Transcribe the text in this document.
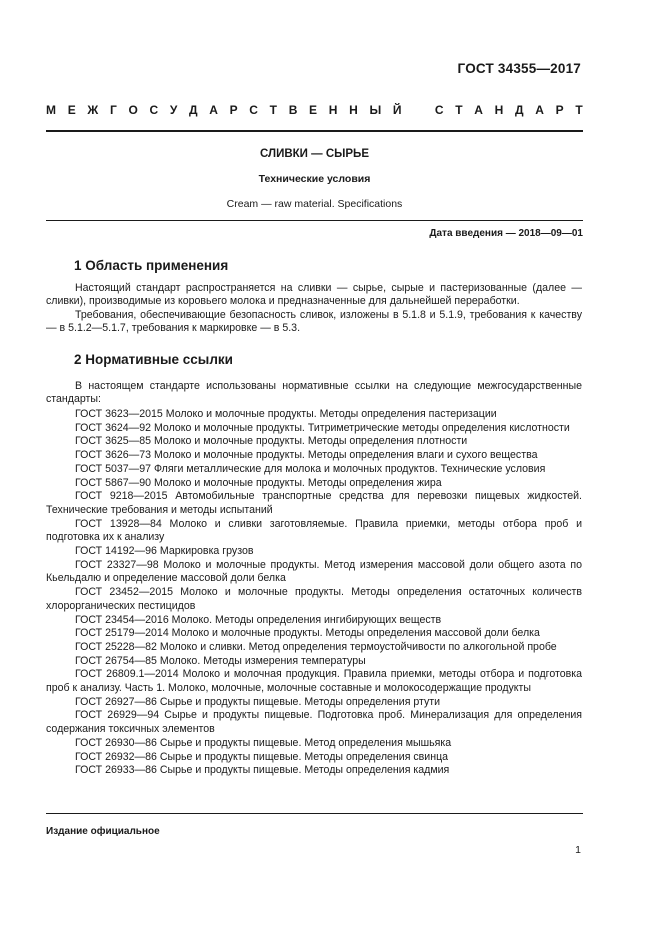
ГОСТ 34355—2017
М Е Ж Г О С У Д А Р С Т В Е Н Н Ы Й	С Т А Н Д А Р Т
СЛИВКИ — СЫРЬЕ
Технические условия
Cream — raw material. Specifications
Дата введения — 2018—09—01
1 Область применения
Настоящий стандарт распространяется на сливки — сырье, сырые и пастеризованные (далее — сливки), производимые из коровьего молока и предназначенные для дальнейшей переработки.
Требования, обеспечивающие безопасность сливок, изложены в 5.1.8 и 5.1.9, требования к качеству — в 5.1.2—5.1.7, требования к маркировке — в 5.3.
2 Нормативные ссылки
В настоящем стандарте использованы нормативные ссылки на следующие межгосударственные стандарты:
ГОСТ 3623—2015 Молоко и молочные продукты. Методы определения пастеризации
ГОСТ 3624—92 Молоко и молочные продукты. Титриметрические методы определения кислотности
ГОСТ 3625—85 Молоко и молочные продукты. Методы определения плотности
ГОСТ 3626—73 Молоко и молочные продукты. Методы определения влаги и сухого вещества
ГОСТ 5037—97 Фляги металлические для молока и молочных продуктов. Технические условия
ГОСТ 5867—90 Молоко и молочные продукты. Методы определения жира
ГОСТ 9218—2015 Автомобильные транспортные средства для перевозки пищевых жидкостей. Технические требования и методы испытаний
ГОСТ 13928—84 Молоко и сливки заготовляемые. Правила приемки, методы отбора проб и подготовка их к анализу
ГОСТ 14192—96 Маркировка грузов
ГОСТ 23327—98 Молоко и молочные продукты. Метод измерения массовой доли общего азота по Кьельдалю и определение массовой доли белка
ГОСТ 23452—2015 Молоко и молочные продукты. Методы определения остаточных количеств хлорорганических пестицидов
ГОСТ 23454—2016 Молоко. Методы определения ингибирующих веществ
ГОСТ 25179—2014 Молоко и молочные продукты. Методы определения массовой доли белка
ГОСТ 25228—82 Молоко и сливки. Метод определения термоустойчивости по алкогольной пробе
ГОСТ 26754—85 Молоко. Методы измерения температуры
ГОСТ 26809.1—2014 Молоко и молочная продукция. Правила приемки, методы отбора и подготовка проб к анализу. Часть 1. Молоко, молочные, молочные составные и молокосодержащие продукты
ГОСТ 26927—86 Сырье и продукты пищевые. Методы определения ртути
ГОСТ 26929—94 Сырье и продукты пищевые. Подготовка проб. Минерализация для определения содержания токсичных элементов
ГОСТ 26930—86 Сырье и продукты пищевые. Метод определения мышьяка
ГОСТ 26932—86 Сырье и продукты пищевые. Методы определения свинца
ГОСТ 26933—86 Сырье и продукты пищевые. Методы определения кадмия
Издание официальное
1
